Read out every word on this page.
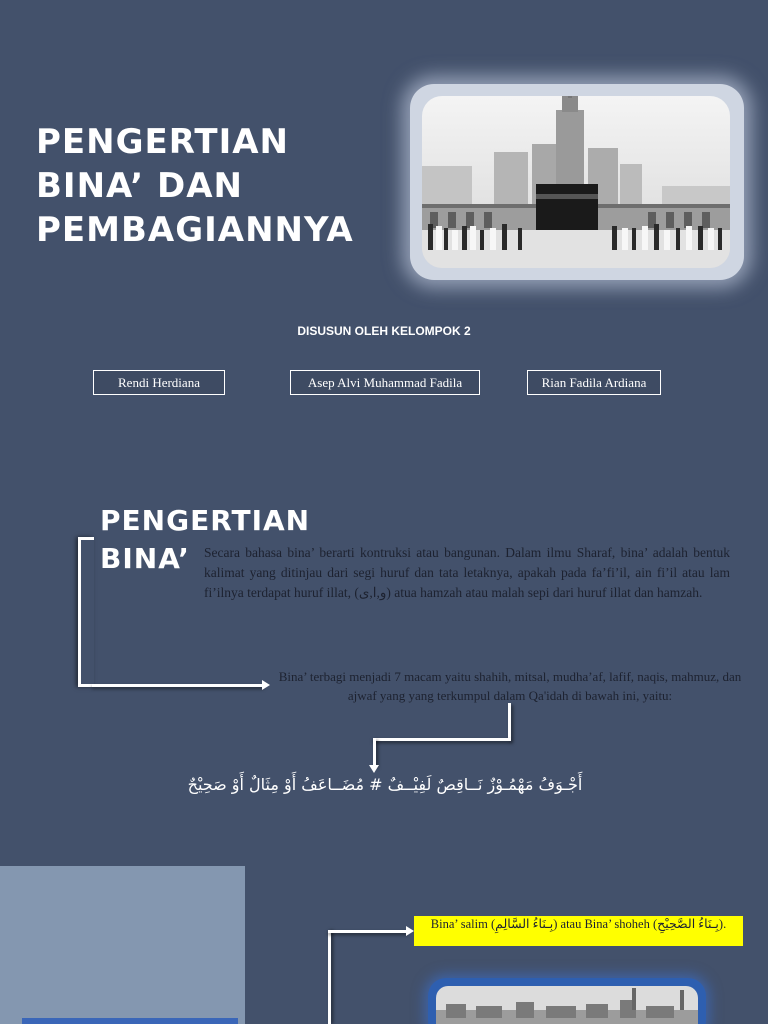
PENGERTIAN
BINA’ DAN
PEMBAGIANNYA
DISUSUN OLEH KELOMPOK 2
Rendi Herdiana	Asep Alvi Muhammad Fadila	Rian Fadila Ardiana
PENGERTIAN
BINA’	Secara bahasa bina’ berarti kontruksi atau bangunan. Dalam ilmu Sharaf, bina’ adalah bentuk kalimat yang ditinjau dari segi huruf dan tata letaknya, apakah pada fa’fi’il, ain fi’il atau lam fi’ilnya terdapat huruf illat, (و,ا,ى) atua hamzah atau malah sepi dari huruf illat dan hamzah.

Bina’ terbagi menjadi 7 macam yaitu shahih, mitsal, mudha’af, lafif, naqis, mahmuz, dan ajwaf yang yang terkumpul dalam Qa'idah di bawah ini, yaitu:

أَجْـوَفُ مَهْمُـوْزٌ نَــاقِصٌ لَفِيْــفٌ # مُضَــاعَفُ أَوْ مِثَالٌ أَوْ صَحِيْحٌ

Bina’ salim (بِـنَاءُ السَّالِمِ) atau Bina’ shoheh (بِـنَاءُ الصَّحِيْحِ).
